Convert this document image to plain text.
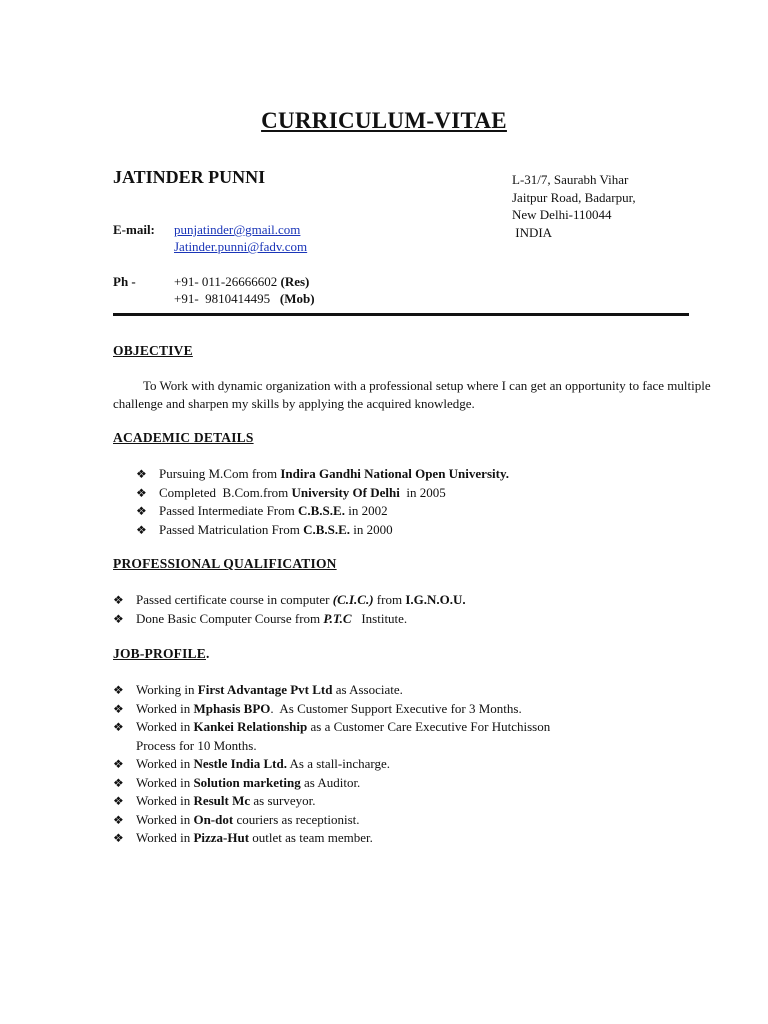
CURRICULUM-VITAE
JATINDER PUNNI	L-31/7, Saurabh Vihar
Jaitpur Road, Badarpur,
New Delhi-110044
INDIA
E-mail: punjatinder@gmail.com
Jatinder.punni@fadv.com
Ph -	+91- 011-26666602 (Res)
+91-  9810414495   (Mob)
OBJECTIVE
To Work with dynamic organization with a professional setup where I can get an opportunity to face multiple challenge and sharpen my skills by applying the acquired knowledge.
ACADEMIC DETAILS
❖ Pursuing M.Com from Indira Gandhi National Open University.
❖ Completed  B.Com.from University Of Delhi  in 2005
❖ Passed Intermediate From C.B.S.E. in 2002
❖ Passed Matriculation From C.B.S.E. in 2000
PROFESSIONAL QUALIFICATION
❖ Passed certificate course in computer (C.I.C.) from I.G.N.O.U.
❖ Done Basic Computer Course from P.T.C   Institute.
JOB-PROFILE.
❖ Working in First Advantage Pvt Ltd as Associate.
❖ Worked in Mphasis BPO.  As Customer Support Executive for 3 Months.
❖ Worked in Kankei Relationship as a Customer Care Executive For Hutchisson
Process for 10 Months.
❖ Worked in Nestle India Ltd. As a stall-incharge.
❖ Worked in Solution marketing as Auditor.
❖ Worked in Result Mc as surveyor.
❖ Worked in On-dot couriers as receptionist.
❖ Worked in Pizza-Hut outlet as team member.
